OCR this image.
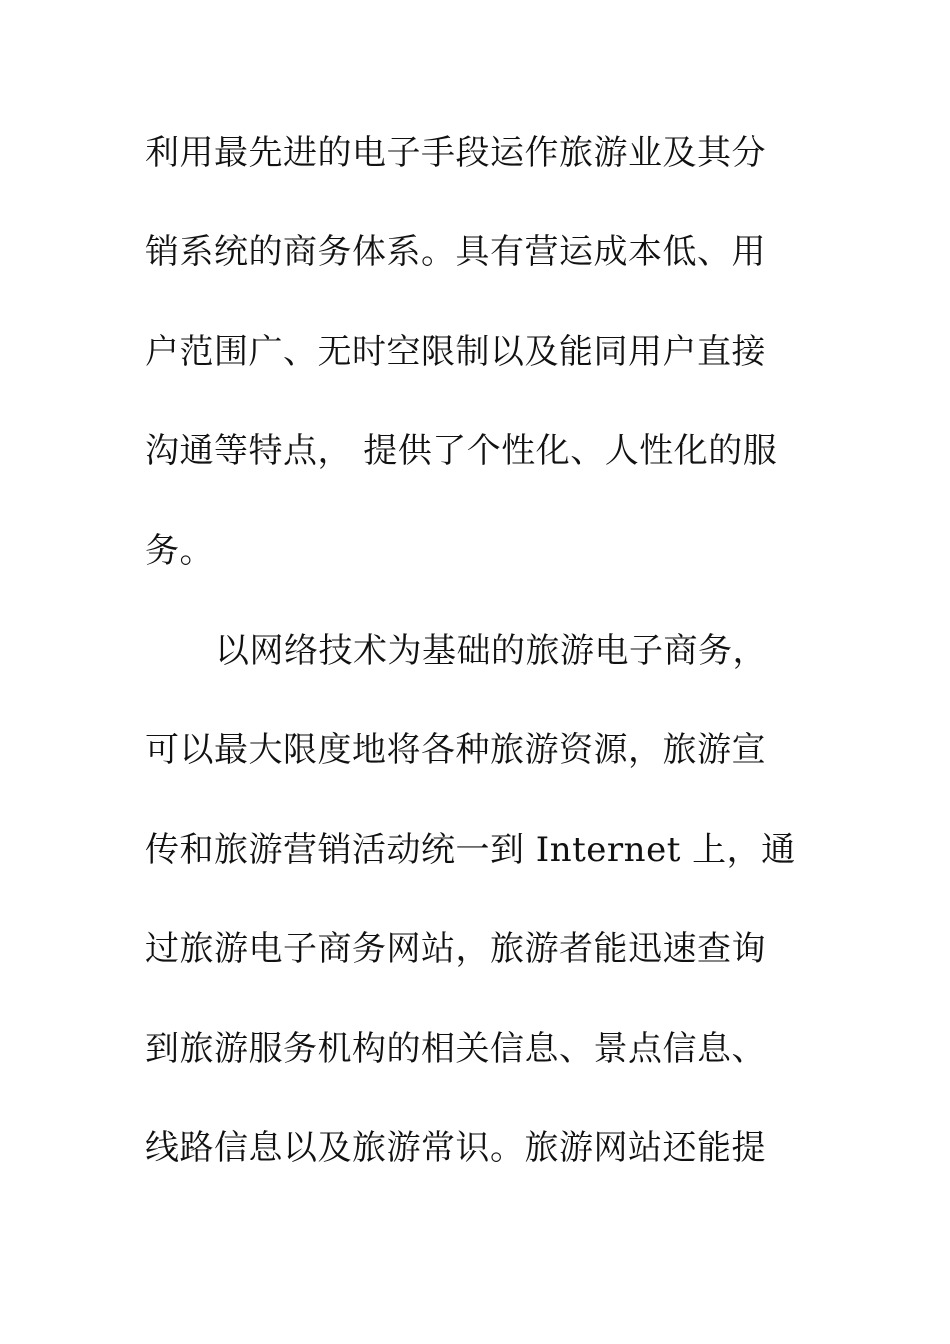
利用最先进的电子手段运作旅游业及其分
销系统的商务体系。具有营运成本低、用
户范围广、无时空限制以及能同用户直接
沟通等特点， 提供了个性化、人性化的服
务。
以网络技术为基础的旅游电子商务，
可以最大限度地将各种旅游资源，旅游宣
传和旅游营销活动统一到 Internet 上，通
过旅游电子商务网站，旅游者能迅速查询
到旅游服务机构的相关信息、景点信息、
线路信息以及旅游常识。旅游网站还能提
